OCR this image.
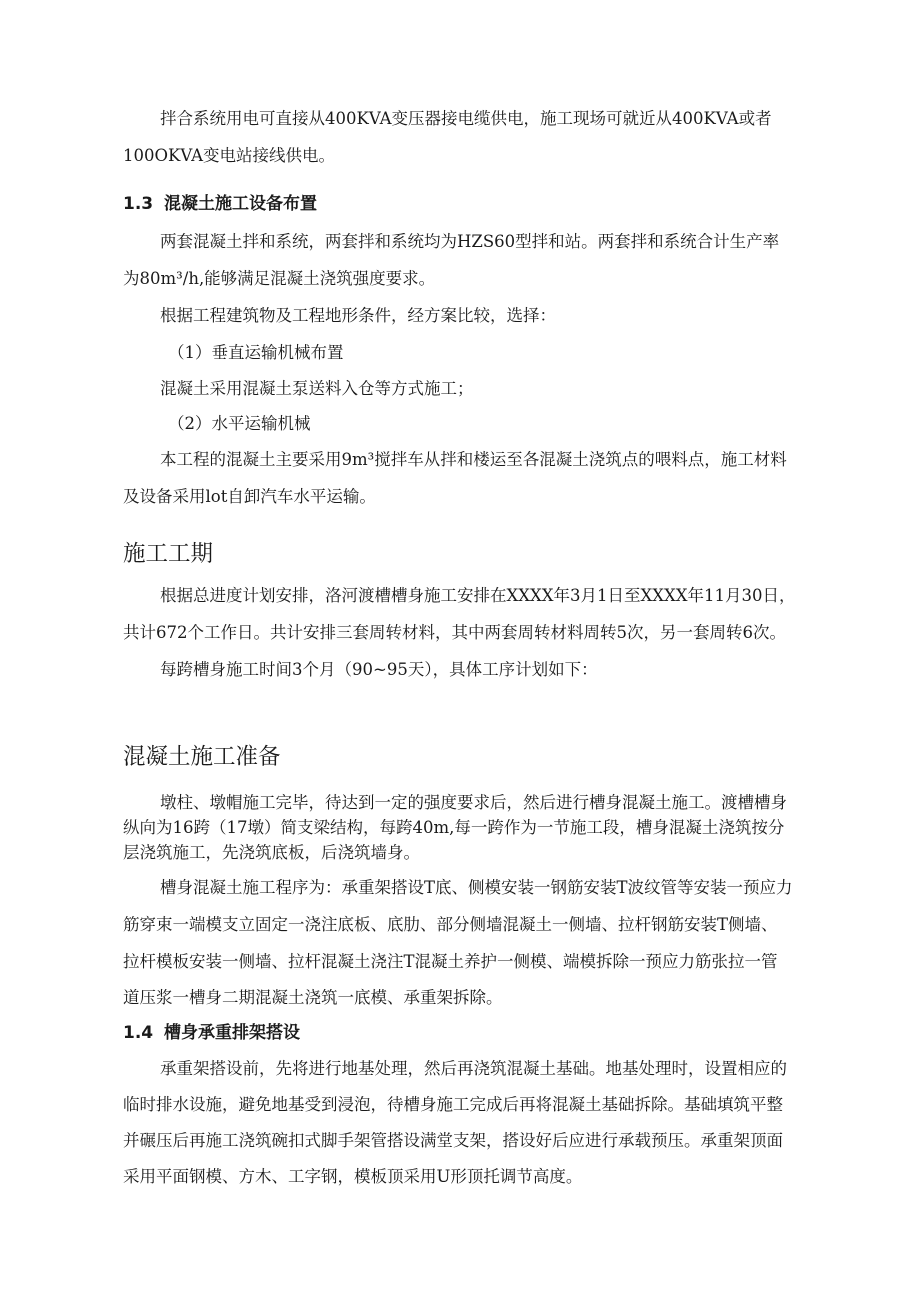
拌合系统用电可直接从400KVA变压器接电缆供电，施工现场可就近从400KVA或者
100OKVA变电站接线供电。
1.3 混凝土施工设备布置
两套混凝土拌和系统，两套拌和系统均为HZS60型拌和站。两套拌和系统合计生产率
为80m³/h,能够满足混凝土浇筑强度要求。
根据工程建筑物及工程地形条件，经方案比较，选择：
（1）垂直运输机械布置
混凝土采用混凝土泵送料入仓等方式施工；
（2）水平运输机械
本工程的混凝土主要采用9m³搅拌车从拌和楼运至各混凝土浇筑点的喂料点，施工材料
及设备采用lot自卸汽车水平运输。
施工工期
根据总进度计划安排，洛河渡槽槽身施工安排在XXXX年3月1日至XXXX年11月30日，
共计672个工作日。共计安排三套周转材料，其中两套周转材料周转5次，另一套周转6次。
每跨槽身施工时间3个月（90~95天），具体工序计划如下：
混凝土施工准备
墩柱、墩帽施工完毕，待达到一定的强度要求后，然后进行槽身混凝土施工。渡槽槽身
纵向为16跨（17墩）简支梁结构，每跨40m,每一跨作为一节施工段，槽身混凝土浇筑按分
层浇筑施工，先浇筑底板，后浇筑墙身。
槽身混凝土施工程序为：承重架搭设T底、侧模安装一钢筋安装T波纹管等安装一预应力
筋穿束一端模支立固定一浇注底板、底肋、部分侧墙混凝土一侧墙、拉杆钢筋安装T侧墙、
拉杆模板安装一侧墙、拉杆混凝土浇注T混凝土养护一侧模、端模拆除一预应力筋张拉一管
道压浆一槽身二期混凝土浇筑一底模、承重架拆除。
1.4 槽身承重排架搭设
承重架搭设前，先将进行地基处理，然后再浇筑混凝土基础。地基处理时，设置相应的
临时排水设施，避免地基受到浸泡，待槽身施工完成后再将混凝土基础拆除。基础填筑平整
并碾压后再施工浇筑碗扣式脚手架管搭设满堂支架，搭设好后应进行承载预压。承重架顶面
采用平面钢模、方木、工字钢，模板顶采用U形顶托调节高度。
